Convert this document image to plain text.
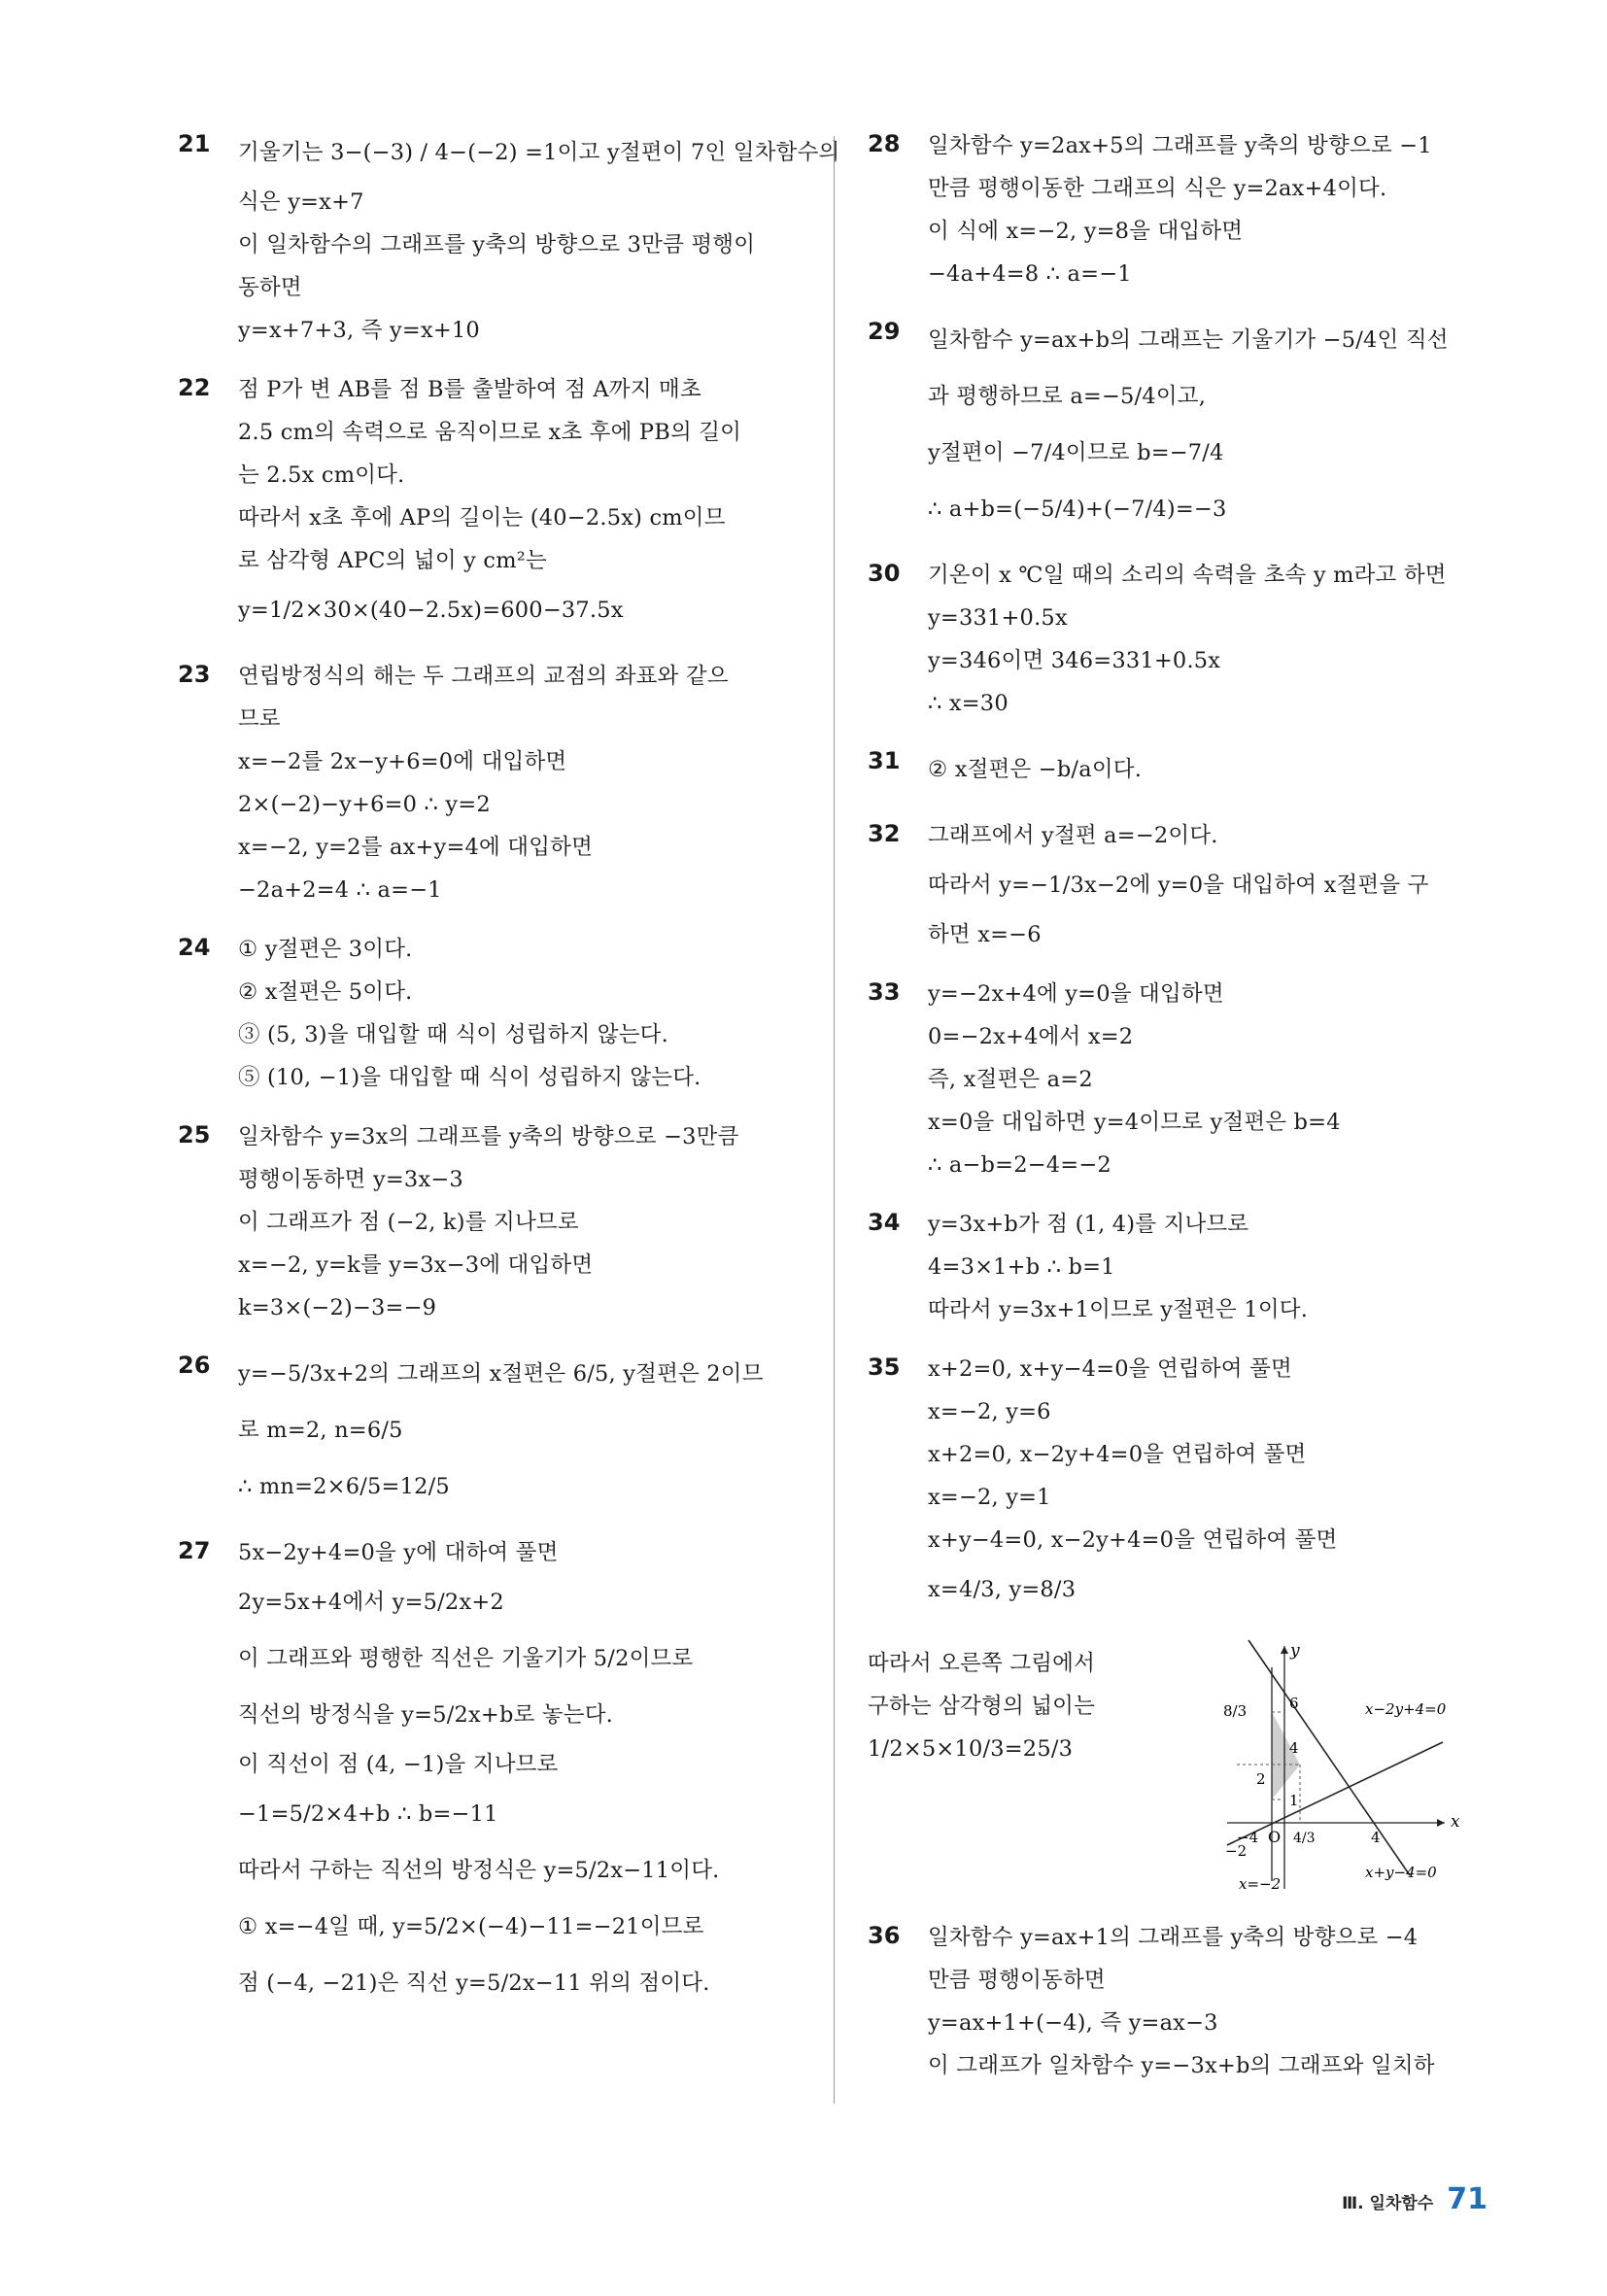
21 기울기는 3−(−3) / 4−(−2) =1이고 y절편이 7인 일차함수의
식은 y=x+7
이 일차함수의 그래프를 y축의 방향으로 3만큼 평행이
동하면
y=x+7+3, 즉 y=x+10
22 점 P가 변 AB를 점 B를 출발하여 점 A까지 매초
2.5 cm의 속력으로 움직이므로 x초 후에 PB의 길이
는 2.5x cm이다.
따라서 x초 후에 AP의 길이는 (40−2.5x) cm이므
로 삼각형 APC의 넓이 y cm²는
y=1/2×30×(40−2.5x)=600−37.5x
23 연립방정식의 해는 두 그래프의 교점의 좌표와 같으
므로
x=−2를 2x−y+6=0에 대입하면
2×(−2)−y+6=0 ∴ y=2
x=−2, y=2를 ax+y=4에 대입하면
−2a+2=4 ∴ a=−1
24 ① y절편은 3이다.
② x절편은 5이다.
③ (5, 3)을 대입할 때 식이 성립하지 않는다.
⑤ (10, −1)을 대입할 때 식이 성립하지 않는다.
25 일차함수 y=3x의 그래프를 y축의 방향으로 −3만큼
평행이동하면 y=3x−3
이 그래프가 점 (−2, k)를 지나므로
x=−2, y=k를 y=3x−3에 대입하면
k=3×(−2)−3=−9
26 y=−5/3x+2의 그래프의 x절편은 6/5, y절편은 2이므
로 m=2, n=6/5
∴ mn=2×6/5=12/5
27 5x−2y+4=0을 y에 대하여 풀면
2y=5x+4에서 y=5/2x+2
이 그래프와 평행한 직선은 기울기가 5/2이므로
직선의 방정식을 y=5/2x+b로 놓는다.
이 직선이 점 (4, −1)을 지나므로
−1=5/2×4+b ∴ b=−11
따라서 구하는 직선의 방정식은 y=5/2x−11이다.
① x=−4일 때, y=5/2×(−4)−11=−21이므로
점 (−4, −21)은 직선 y=5/2x−11 위의 점이다.
28 일차함수 y=2ax+5의 그래프를 y축의 방향으로 −1
만큼 평행이동한 그래프의 식은 y=2ax+4이다.
이 식에 x=−2, y=8을 대입하면
−4a+4=8 ∴ a=−1
29 일차함수 y=ax+b의 그래프는 기울기가 −5/4인 직선
과 평행하므로 a=−5/4이고,
y절편이 −7/4이므로 b=−7/4
∴ a+b=(−5/4)+(−7/4)=−3
30 기온이 x ℃일 때의 소리의 속력을 초속 y m라고 하면
y=331+0.5x
y=346이면 346=331+0.5x
∴ x=30
31 ② x절편은 −b/a이다.
32 그래프에서 y절편 a=−2이다.
따라서 y=−1/3x−2에 y=0을 대입하여 x절편을 구
하면 x=−6
33 y=−2x+4에 y=0을 대입하면
0=−2x+4에서 x=2
즉, x절편은 a=2
x=0을 대입하면 y=4이므로 y절편은 b=4
∴ a−b=2−4=−2
34 y=3x+b가 점 (1, 4)를 지나므로
4=3×1+b ∴ b=1
따라서 y=3x+1이므로 y절편은 1이다.
35 x+2=0, x+y−4=0을 연립하여 풀면
x=−2, y=6
x+2=0, x−2y+4=0을 연립하여 풀면
x=−2, y=1
x+y−4=0, x−2y+4=0을 연립하여 풀면
x=4/3, y=8/3
36 일차함수 y=ax+1의 그래프를 y축의 방향으로 −4
만큼 평행이동하면
y=ax+1+(−4), 즉 y=ax−3
이 그래프가 일차함수 y=−3x+b의 그래프와 일치하
따라서 오른쪽 그림에서
구하는 삼각형의 넓이는
1/2×5×10/3=25/3
y
x
O
6
4
2
1
−2
−4	4/3	4
8/3	x−2y+4=0
x+y−4=0
x=−2
Ⅲ. 일차함수 71
